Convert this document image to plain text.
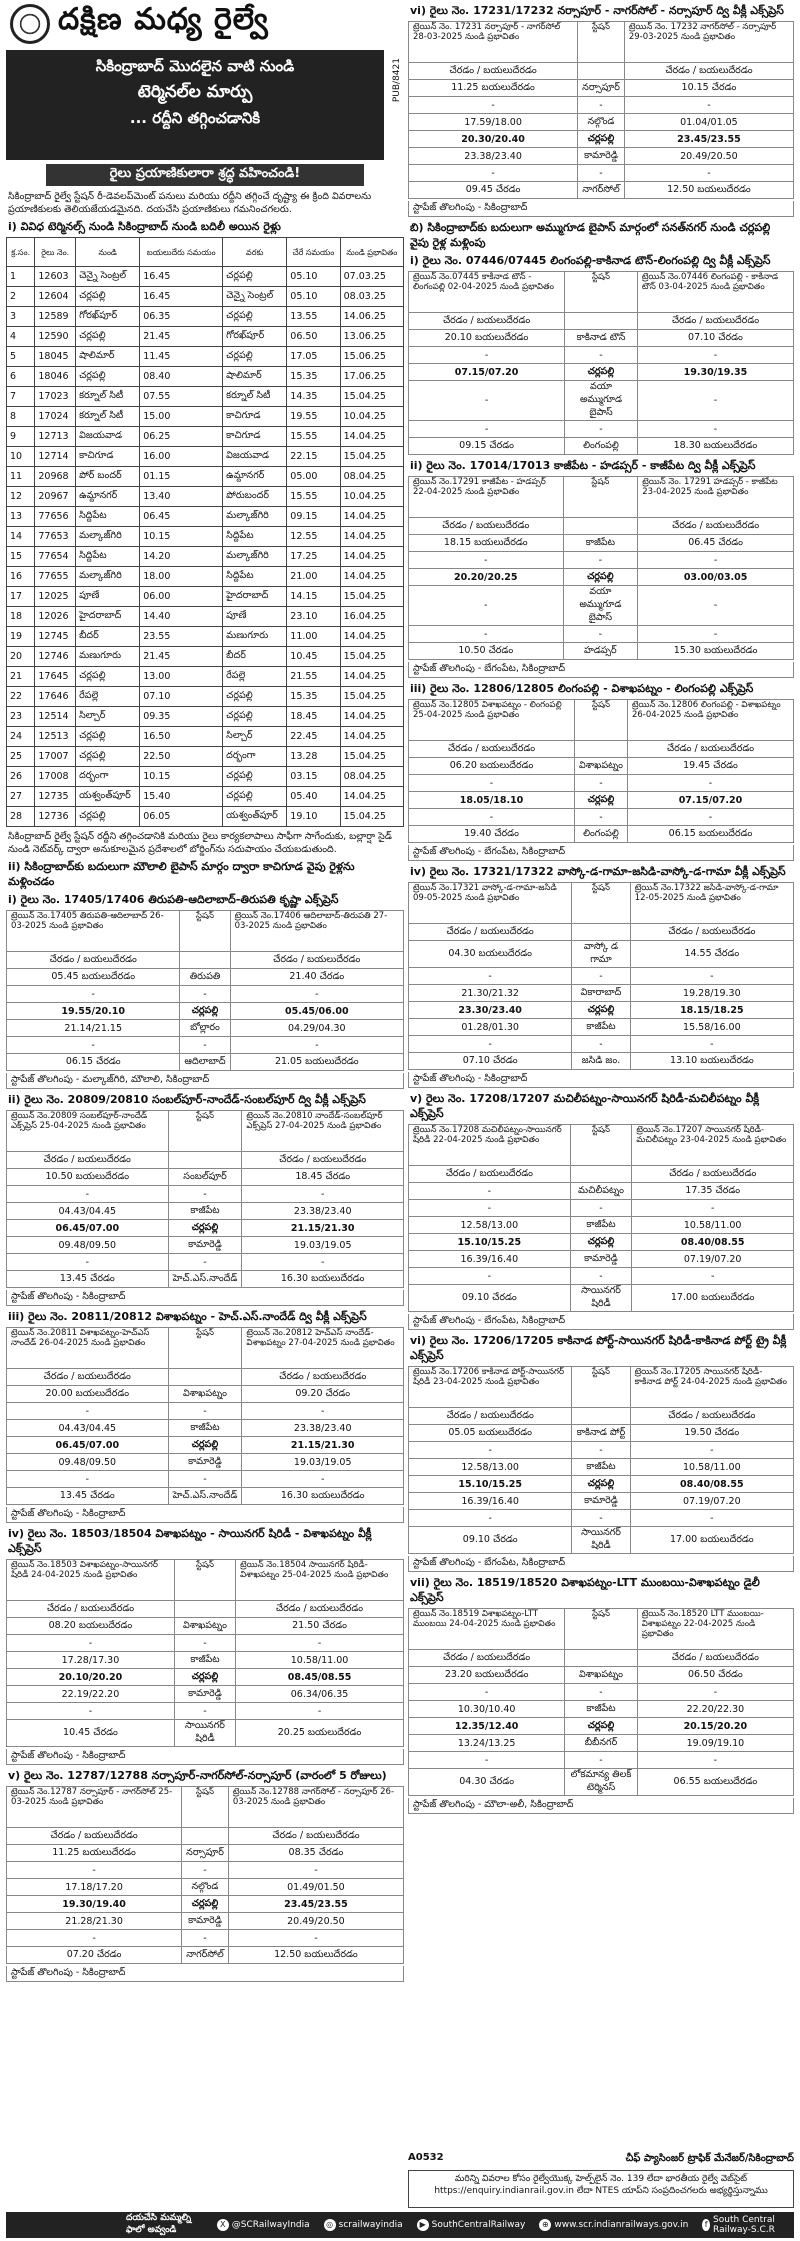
దక్షిణ మధ్య రైల్వే
సికింద్రాబాద్ మొదలైన వాటి నుండి
టెర్మినల్‌ల మార్పు
... రద్దీని తగ్గించడానికి
PUB/8421
రైలు ప్రయాణికులారా శ్రద్ధ వహించండి!
సికింద్రాబాద్ రైల్వే స్టేషన్ రీ-డెవలప్‌మెంట్ పనులు మరియు రద్దీని తగ్గించే దృష్ట్యా ఈ క్రింది వివరాలను ప్రయాణికులకు తెలియజేయడమైనది. దయచేసి ప్రయాణికులు గమనించగలరు.
i) వివిధ టెర్మినల్స్ నుండి సికింద్రాబాద్ నుండి బదిలీ అయిన రైళ్లు
క్ర.సం.	రైలు నెం.	నుండి	బయలుదేరు సమయం	వరకు	చేరే సమయం	నుండి ప్రభావితం
1	12603	చెన్నై సెంట్రల్	16.45	చర్లపల్లి	05.10	07.03.25
2	12604	చర్లపల్లి	16.45	చెన్నై సెంట్రల్	05.10	08.03.25
3	12589	గోరఖ్‌పూర్	06.35	చర్లపల్లి	13.55	14.06.25
4	12590	చర్లపల్లి	21.45	గోరఖ్‌పూర్	06.50	13.06.25
5	18045	షాలిమార్	11.45	చర్లపల్లి	17.05	15.06.25
6	18046	చర్లపల్లి	08.40	షాలిమార్	15.35	17.06.25
7	17023	కర్నూల్ సిటీ	07.55	కర్నూల్ సిటీ	14.35	15.04.25
8	17024	కర్నూల్ సిటీ	15.00	కాచిగూడ	19.55	10.04.25
9	12713	విజయవాడ	06.25	కాచిగూడ	15.55	14.04.25
10	12714	కాచిగూడ	16.00	విజయవాడ	22.15	15.04.25
11	20968	పోర్ బందర్	01.15	ఉమ్దానగర్	05.00	08.04.25
12	20967	ఉమ్దానగర్	13.40	పోరుబందర్	15.55	10.04.25
13	77656	సిద్దిపేట	06.45	మల్కాజ్‌గిరి	09.15	14.04.25
14	77653	మల్కాజ్‌గిరి	10.15	సిద్దిపేట	12.55	14.04.25
15	77654	సిద్దిపేట	14.20	మల్కాజ్‌గిరి	17.25	14.04.25
16	77655	మల్కాజ్‌గిరి	18.00	సిద్దిపేట	21.00	14.04.25
17	12025	పూణే	06.00	హైదరాబాద్	14.15	15.04.25
18	12026	హైదరాబాద్	14.40	పూణే	23.10	16.04.25
19	12745	బీదర్	23.55	మణుగూరు	11.00	14.04.25
20	12746	మణుగూరు	21.45	బీదర్	10.45	15.04.25
21	17645	చర్లపల్లి	13.00	రేపల్లె	21.55	14.04.25
22	17646	రేపల్లె	07.10	చర్లపల్లి	15.35	15.04.25
23	12514	సిల్చార్	09.35	చర్లపల్లి	18.45	14.04.25
24	12513	చర్లపల్లి	16.50	సిల్చార్	22.45	14.04.25
25	17007	చర్లపల్లి	22.50	దర్భంగా	13.28	15.04.25
26	17008	దర్భంగా	10.15	చర్లపల్లి	03.15	08.04.25
27	12735	యశ్వంత్‌పూర్	15.40	చర్లపల్లి	05.40	14.04.25
28	12736	చర్లపల్లి	06.05	యశ్వంత్‌పూర్	19.10	15.04.25
సికింద్రాబాద్ రైల్వే స్టేషన్ రద్దీని తగ్గించడానికి మరియు రైలు కార్యకలాపాలు సాఫీగా సాగేందుకు, బల్లార్షా సైడ్ నుండి నెట్‌వర్క్ ద్వారా అనుకూలమైన ప్రదేశాలలో బోర్డింగ్‌ను సదుపాయం చేయబడుతుంది.
ii) సికింద్రాబాద్‌కు బదులుగా మౌలాలి బైపాస్ మార్గం ద్వారా కాచిగూడ వైపు రైళ్లను మళ్లించడం
i) రైలు నెం. 17405/17406 తిరుపతి-ఆదిలాబాద్-తిరుపతి కృష్ణా ఎక్స్‌ప్రెస్
ట్రెయిన్ నెం.17405 తిరుపతి-ఆదిలాబాద్ 26-03-2025 నుండి ప్రభావితం	స్టేషన్	ట్రెయిన్ నెం.17406 ఆదిలాబాద్-తిరుపతి 27-03-2025 నుండి ప్రభావితం
చేరడం / బయలుదేరడం		చేరడం / బయలుదేరడం
05.45 బయలుదేరడం	తిరుపతి	21.40 చేరడం
-	-	-
19.55/20.10	చర్లపల్లి	05.45/06.00
21.14/21.15	బోల్లారం	04.29/04.30
-	-	-
06.15 చేరడం	ఆదిలాబాద్	21.05 బయలుదేరడం
స్టాపేజ్ తొలగింపు - మల్కాజ్‌గిరి, మౌలాలి, సికింద్రాబాద్
ii) రైలు నెం. 20809/20810 సంబల్‌పూర్-నాందేడ్-సంబల్‌పూర్ ద్వి వీక్లీ ఎక్స్‌ప్రెస్
ట్రెయిన్ నెం.20809 సంబల్‌పూర్-నాందేడ్ ఎక్స్‌ప్రెస్ 25-04-2025 నుండి ప్రభావితం	స్టేషన్	ట్రెయిన్ నెం.20810 నాందేడ్-సంబల్‌పూర్ ఎక్స్‌ప్రెస్ 27-04-2025 నుండి ప్రభావితం
చేరడం / బయలుదేరడం		చేరడం / బయలుదేరడం
10.50 బయలుదేరడం	సంబల్‌పూర్	18.45 చేరడం
-	-	-
04.43/04.45	కాజీపేట	23.38/23.40
06.45/07.00	చర్లపల్లి	21.15/21.30
09.48/09.50	కామారెడ్డి	19.03/19.05
-	-	-
13.45 చేరడం	హెచ్.ఎస్.నాందేడ్	16.30 బయలుదేరడం
స్టాపేజ్ తొలగింపు - సికింద్రాబాద్
iii) రైలు నెం. 20811/20812 విశాఖపట్నం - హెచ్.ఎస్.నాందేడ్ ద్వి వీక్లీ ఎక్స్‌ప్రెస్
ట్రెయిన్ నెం.20811 విశాఖపట్నం-హెచ్ఎస్ నాందేడ్ 26-04-2025 నుండి ప్రభావితం	స్టేషన్	ట్రెయిన్ నెం.20812 హెచ్ఎస్ నాందేడ్-విశాఖపట్నం 27-04-2025 నుండి ప్రభావితం
చేరడం / బయలుదేరడం		చేరడం / బయలుదేరడం
20.00 బయలుదేరడం	విశాఖపట్నం	09.20 చేరడం
-	-	-
04.43/04.45	కాజీపేట	23.38/23.40
06.45/07.00	చర్లపల్లి	21.15/21.30
09.48/09.50	కామారెడ్డి	19.03/19.05
-	-	-
13.45 చేరడం	హెచ్.ఎస్.నాందేడ్	16.30 బయలుదేరడం
స్టాపేజ్ తొలగింపు - సికింద్రాబాద్
iv) రైలు నెం. 18503/18504 విశాఖపట్నం - సాయినగర్ షిరిడీ - విశాఖపట్నం వీక్లీ ఎక్స్‌ప్రెస్
ట్రెయిన్ నెం.18503 విశాఖపట్నం-సాయినగర్ షిరిడీ 24-04-2025 నుండి ప్రభావితం	స్టేషన్	ట్రెయిన్ నెం.18504 సాయినగర్ షిరిడీ-విశాఖపట్నం 25-04-2025 నుండి ప్రభావితం
చేరడం / బయలుదేరడం		చేరడం / బయలుదేరడం
08.20 బయలుదేరడం	విశాఖపట్నం	21.50 చేరడం
-	-	-
17.28/17.30	కాజీపేట	10.58/11.00
20.10/20.20	చర్లపల్లి	08.45/08.55
22.19/22.20	కామారెడ్డి	06.34/06.35
-	-	-
10.45 చేరడం	సాయినగర్ షిరిడీ	20.25 బయలుదేరడం
స్టాపేజ్ తొలగింపు - సికింద్రాబాద్
v) రైలు నెం. 12787/12788 నర్సాపూర్-నాగర్‌సోల్-నర్సాపూర్ (వారంలో 5 రోజులు)
ట్రెయిన్ నెం.12787 నర్సాపూర్ - నాగర్‌సోల్ 25-03-2025 నుండి ప్రభావితం	స్టేషన్	ట్రెయిన్ నెం.12788 నాగర్‌సోల్ - నర్సాపూర్ 26-03-2025 నుండి ప్రభావితం
చేరడం / బయలుదేరడం		చేరడం / బయలుదేరడం
11.25 బయలుదేరడం	నర్సాపూర్	08.35 చేరడం
-	-	-
17.18/17.20	నల్గొండ	01.49/01.50
19.30/19.40	చర్లపల్లి	23.45/23.55
21.28/21.30	కామారెడ్డి	20.49/20.50
-	-	-
07.20 చేరడం	నాగర్‌సోల్	12.50 బయలుదేరడం
స్టాపేజ్ తొలగింపు - సికింద్రాబాద్
vi) రైలు నెం. 17231/17232 నర్సాపూర్ - నాగర్‌సోల్ - నర్సాపూర్ ద్వి వీక్లీ ఎక్స్‌ప్రెస్
ట్రెయిన్ నెం. 17231 నర్సాపూర్ - నాగర్‌సోల్ 28-03-2025 నుండి ప్రభావితం	స్టేషన్	ట్రెయిన్ నెం. 17232 నాగర్‌సోల్ - నర్సాపూర్ 29-03-2025 నుండి ప్రభావితం
చేరడం / బయలుదేరడం		చేరడం / బయలుదేరడం
11.25 బయలుదేరడం	నర్సాపూర్	10.15 చేరడం
-	-	-
17.59/18.00	నల్గొండ	01.04/01.05
20.30/20.40	చర్లపల్లి	23.45/23.55
23.38/23.40	కామారెడ్డి	20.49/20.50
-	-	-
09.45 చేరడం	నాగర్‌సోల్	12.50 బయలుదేరడం
స్టాపేజ్ తొలగింపు - సికింద్రాబాద్
బి) సికింద్రాబాద్‌కు బదులుగా అమ్ముగూడ బైపాస్ మార్గంలో సనత్‌నగర్ నుండి చర్లపల్లి వైపు రైళ్ల మళ్లింపు
i) రైలు నెం. 07446/07445 లింగంపల్లి-కాకినాడ టౌన్-లింగంపల్లి ద్వి వీక్లీ ఎక్స్‌ప్రెస్
ట్రెయిన్ నెం.07445 కాకినాడ టౌన్ - లింగంపల్లి 02-04-2025 నుండి ప్రభావితం	స్టేషన్	ట్రెయిన్ నెం.07446 లింగంపల్లి - కాకినాడ టౌన్ 03-04-2025 నుండి ప్రభావితం
చేరడం / బయలుదేరడం		చేరడం / బయలుదేరడం
20.10 బయలుదేరడం	కాకినాడ టౌన్	07.10 చేరడం
-	-	-
07.15/07.20	చర్లపల్లి	19.30/19.35
-	వయా అమ్ముగూడ బైపాస్	-
-	-	-
09.15 చేరడం	లింగంపల్లి	18.30 బయలుదేరడం
ii) రైలు నెం. 17014/17013 కాజీపేట - హడప్సర్ - కాజీపేట ద్వి వీక్లీ ఎక్స్‌ప్రెస్
ట్రెయిన్ నెం.17291 కాజీపేట - హడప్సర్ 22-04-2025 నుండి ప్రభావితం	స్టేషన్	ట్రెయిన్ నెం. 17291 హడప్సర్ - కాజీపేట 23-04-2025 నుండి ప్రభావితం
చేరడం / బయలుదేరడం		చేరడం / బయలుదేరడం
18.15 బయలుదేరడం	కాజీపేట	06.45 చేరడం
-	-	-
20.20/20.25	చర్లపల్లి	03.00/03.05
-	వయా అమ్ముగూడ బైపాస్	-
-	-	-
10.50 చేరడం	హడప్సర్	15.30 బయలుదేరడం
స్టాపేజ్ తొలగింపు - బేగంపేట, సికింద్రాబాద్
iii) రైలు నెం. 12806/12805 లింగంపల్లి - విశాఖపట్నం - లింగంపల్లి ఎక్స్‌ప్రెస్
ట్రెయిన్ నెం.12805 విశాఖపట్నం - లింగంపల్లి 25-04-2025 నుండి ప్రభావితం	స్టేషన్	ట్రెయిన్ నెం.12806 లింగంపల్లి - విశాఖపట్నం 26-04-2025 నుండి ప్రభావితం
చేరడం / బయలుదేరడం		చేరడం / బయలుదేరడం
06.20 బయలుదేరడం	విశాఖపట్నం	19.45 చేరడం
-	-	-
18.05/18.10	చర్లపల్లి	07.15/07.20
-	-	-
19.40 చేరడం	లింగంపల్లి	06.15 బయలుదేరడం
స్టాపేజ్ తొలగింపు - బేగంపేట, సికింద్రాబాద్
iv) రైలు నెం. 17321/17322 వాస్కో-డ-గామా-జసిడి-వాస్కో-డ-గామా వీక్లీ ఎక్స్‌ప్రెస్
ట్రెయిన్ నెం.17321 వాస్కో-డ-గామా-జసిడి 09-05-2025 నుండి ప్రభావితం	స్టేషన్	ట్రెయిన్ నెం.17322 జసిడి-వాస్కో-డ-గామా 12-05-2025 నుండి ప్రభావితం
చేరడం / బయలుదేరడం		చేరడం / బయలుదేరడం
04.30 బయలుదేరడం	వాస్కో డ గామా	14.55 చేరడం
-	-	-
21.30/21.32	వికారాబాద్	19.28/19.30
23.30/23.40	చర్లపల్లి	18.15/18.25
01.28/01.30	కాజీపేట	15.58/16.00
-	-	-
07.10 చేరడం	జసిడి జం.	13.10 బయలుదేరడం
స్టాపేజ్ తొలగింపు - సికింద్రాబాద్
v) రైలు నెం. 17208/17207 మచిలీపట్నం-సాయినగర్ షిరిడీ-మచిలీపట్నం వీక్లీ ఎక్స్‌ప్రెస్
ట్రెయిన్ నెం.17208 మచిలీపట్నం-సాయినగర్ షిరిడీ 22-04-2025 నుండి ప్రభావితం	స్టేషన్	ట్రెయిన్ నెం.17207 సాయినగర్ షిరిడీ-మచిలీపట్నం 23-04-2025 నుండి ప్రభావితం
చేరడం / బయలుదేరడం		చేరడం / బయలుదేరడం
-	మచిలీపట్నం	17.35 చేరడం
-	-	-
12.58/13.00	కాజీపేట	10.58/11.00
15.10/15.25	చర్లపల్లి	08.40/08.55
16.39/16.40	కామారెడ్డి	07.19/07.20
-	-	-
09.10 చేరడం	సాయినగర్ షిరిడీ	17.00 బయలుదేరడం
స్టాపేజ్ తొలగింపు - బేగంపేట, సికింద్రాబాద్
vi) రైలు నెం. 17206/17205 కాకినాడ పోర్ట్-సాయినగర్ షిరిడీ-కాకినాడ పోర్ట్ ట్రై వీక్లీ ఎక్స్‌ప్రెస్
ట్రెయిన్ నెం.17206 కాకినాడ పోర్ట్-సాయినగర్ షిరిడీ 23-04-2025 నుండి ప్రభావితం	స్టేషన్	ట్రెయిన్ నెం.17205 సాయినగర్ షిరిడీ-కాకినాడ పోర్ట్ 24-04-2025 నుండి ప్రభావితం
చేరడం / బయలుదేరడం		చేరడం / బయలుదేరడం
05.05 బయలుదేరడం	కాకినాడ పోర్ట్	19.50 చేరడం
-	-	-
12.58/13.00	కాజీపేట	10.58/11.00
15.10/15.25	చర్లపల్లి	08.40/08.55
16.39/16.40	కామారెడ్డి	07.19/07.20
-	-	-
09.10 చేరడం	సాయినగర్ షిరిడీ	17.00 బయలుదేరడం
స్టాపేజ్ తొలగింపు - బేగంపేట, సికింద్రాబాద్
vii) రైలు నెం. 18519/18520 విశాఖపట్నం-LTT ముంబయి-విశాఖపట్నం డైలీ ఎక్స్‌ప్రెస్
ట్రెయిన్ నెం.18519 విశాఖపట్నం-LTT ముంబయి 24-04-2025 నుండి ప్రభావితం	స్టేషన్	ట్రెయిన్ నెం.18520 LTT ముంబయి-విశాఖపట్నం 22-04-2025 నుండి ప్రభావితం
చేరడం / బయలుదేరడం		చేరడం / బయలుదేరడం
23.20 బయలుదేరడం	విశాఖపట్నం	06.50 చేరడం
-	-	-
10.30/10.40	కాజీపేట	22.20/22.30
12.35/12.40	చర్లపల్లి	20.15/20.20
13.24/13.25	బీబీనగర్	19.09/19.10
-	-	-
04.30 చేరడం	లోకమాన్య తిలక్ టెర్మినస్	06.55 బయలుదేరడం
స్టాపేజ్ తొలగింపు - మౌలా-అలీ, సికింద్రాబాద్
A0532	చీఫ్ ప్యాసింజర్ ట్రాఫిక్ మేనేజర్/సికింద్రాబాద్
మరిన్ని వివరాల కోసం రైల్వేయొక్క హెల్ప్‌లైన్ నెం. 139 లేదా భారతీయ రైల్వే వెబ్‌సైట్ https://enquiry.indianrail.gov.in లేదా NTES యాప్‌ని సంప్రదించగలరు అభ్యర్థిస్తున్నాము
దయచేసి మమ్మల్ని ఫాలో అవ్వండి
X @SCRailwayIndia	◎ scrailwayindia	▶ SouthCentralRailway	⊕ www.scr.indianrailways.gov.in	f South Central Railway-S.C.R
